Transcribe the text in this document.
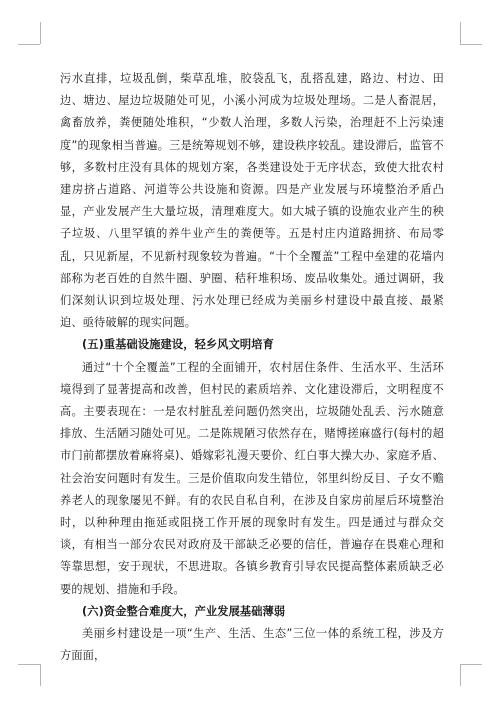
污水直排，垃圾乱倒，柴草乱堆，胶袋乱飞，乱搭乱建，路边、村边、田边、塘边、屋边垃圾随处可见，小溪小河成为垃圾处理场。二是人畜混居，禽畜放养，粪便随处堆积，“少数人治理，多数人污染，治理赶不上污染速度”的现象相当普遍。三是统筹规划不够，建设秩序较乱。建设滞后，监管不够，多数村庄没有具体的规划方案，各类建设处于无序状态，致使大批农村建房挤占道路、河道等公共设施和资源。四是产业发展与环境整治矛盾凸显，产业发展产生大量垃圾，清理难度大。如大城子镇的设施农业产生的秧子垃圾、八里罕镇的养牛业产生的粪便等。五是村庄内道路拥挤、布局零乱，只见新屋，不见新村现象较为普遍。“十个全覆盖”工程中垒建的花墙内部称为老百姓的自然牛圈、驴圈、秸秆堆积场、废品收集处。通过调研，我们深刻认识到垃圾处理、污水处理已经成为美丽乡村建设中最直接、最紧迫、亟待破解的现实问题。

(五)重基础设施建设，轻乡风文明培育

通过“十个全覆盖”工程的全面铺开，农村居住条件、生活水平、生活环境得到了显著提高和改善，但村民的素质培养、文化建设滞后，文明程度不高。主要表现在：一是农村脏乱差问题仍然突出，垃圾随处乱丢、污水随意排放、生活陋习随处可见。二是陈规陋习依然存在，赌博搓麻盛行(每村的超市门前都摆放着麻将桌)、婚嫁彩礼漫天要价、红白事大操大办、家庭矛盾、社会治安问题时有发生。三是价值取向发生错位，邻里纠纷反目、子女不赡养老人的现象屡见不鲜。有的农民自私自利，在涉及自家房前屋后环境整治时，以种种理由拖延或阻挠工作开展的现象时有发生。四是通过与群众交谈，有相当一部分农民对政府及干部缺乏必要的信任，普遍存在畏难心理和等靠思想，安于现状，不思进取。各镇乡教育引导农民提高整体素质缺乏必要的规划、措施和手段。

(六)资金整合难度大，产业发展基础薄弱

美丽乡村建设是一项“生产、生活、生态”三位一体的系统工程，涉及方方面面，
